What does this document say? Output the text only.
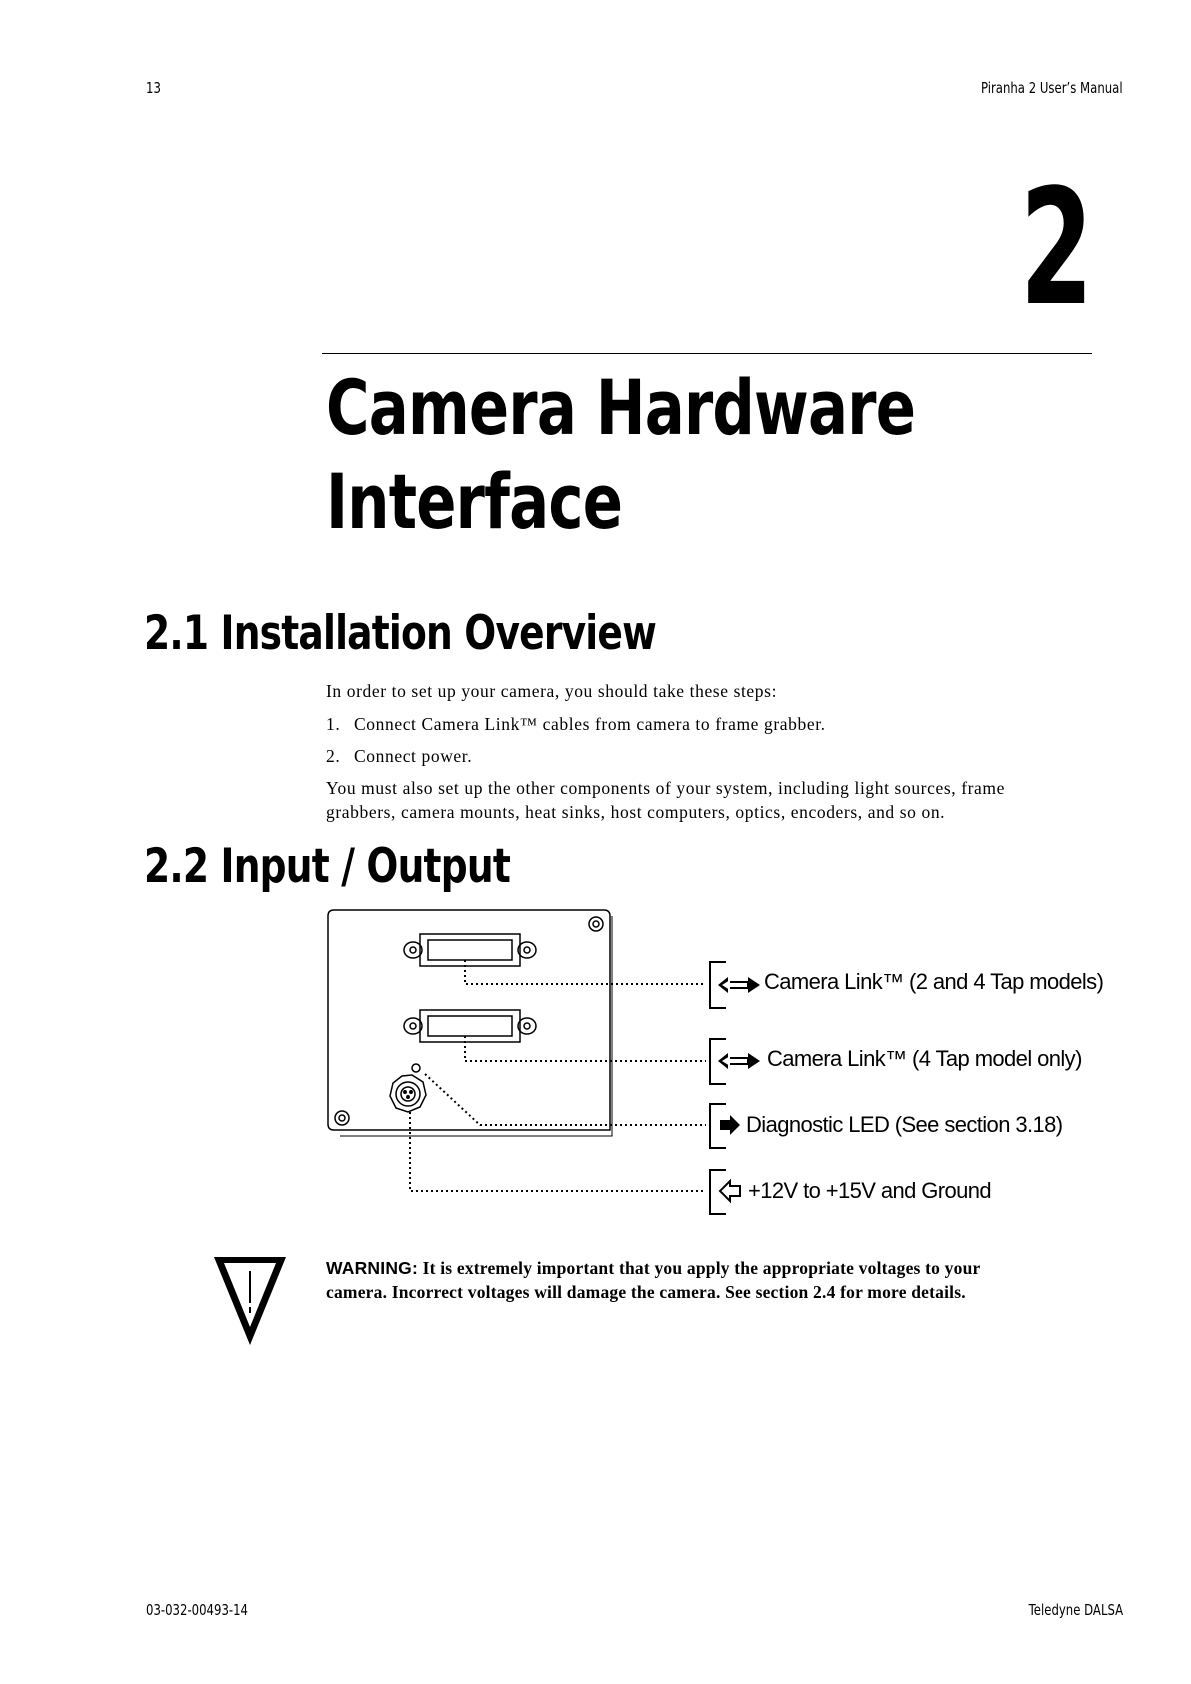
13	Piranha 2 User’s Manual
2
Camera Hardware
Interface
2.1 Installation Overview
In order to set up your camera, you should take these steps:
1. Connect Camera Link™ cables from camera to frame grabber.
2. Connect power.
You must also set up the other components of your system, including light sources, frame
grabbers, camera mounts, heat sinks, host computers, optics, encoders, and so on.
2.2 Input / Output
Camera Link™ (2 and 4 Tap models)
Camera Link™ (4 Tap model only)
Diagnostic LED (See section 3.18)
+12V to +15V and Ground
WARNING: It is extremely important that you apply the appropriate voltages to your
camera. Incorrect voltages will damage the camera. See section 2.4 for more details.
03-032-00493-14	Teledyne DALSA
